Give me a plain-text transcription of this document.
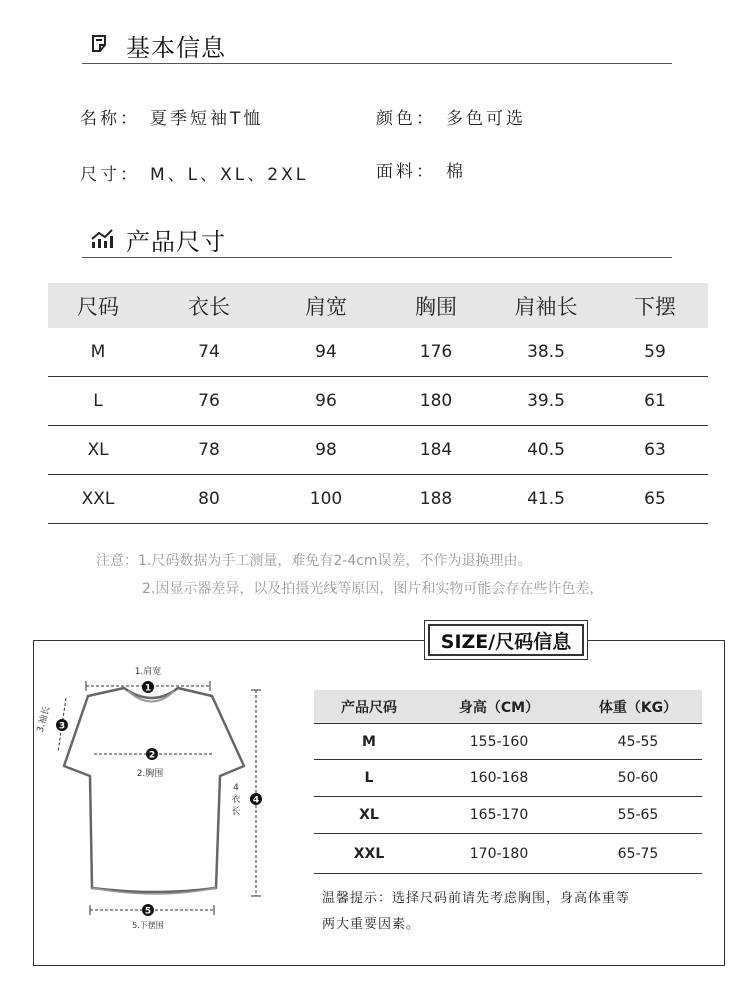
基本信息
名称： 夏季短袖T恤	颜色： 多色可选
尺寸： M、L、XL、2XL	面料： 棉
产品尺寸
尺码	衣长	肩宽	胸围	肩袖长	下摆
M	74	94	176	38.5	59
L	76	96	180	39.5	61
XL	78	98	184	40.5	63
XXL	80	100	188	41.5	65
注意：1.尺码数据为手工测量，难免有2-4cm误差，不作为退换理由。
2.因显示器差异，以及拍摄光线等原因，图片和实物可能会存在些许色差，
SIZE/尺码信息
1
1.肩宽
3
3.袖长
2
2.胸围
4
4
衣
长
5
5.下摆围
产品尺码	身高（CM）	体重（KG）
M	155-160	45-55
L	160-168	50-60
XL	165-170	55-65
XXL	170-180	65-75
温馨提示：选择尺码前请先考虑胸围，身高体重等
两大重要因素。
